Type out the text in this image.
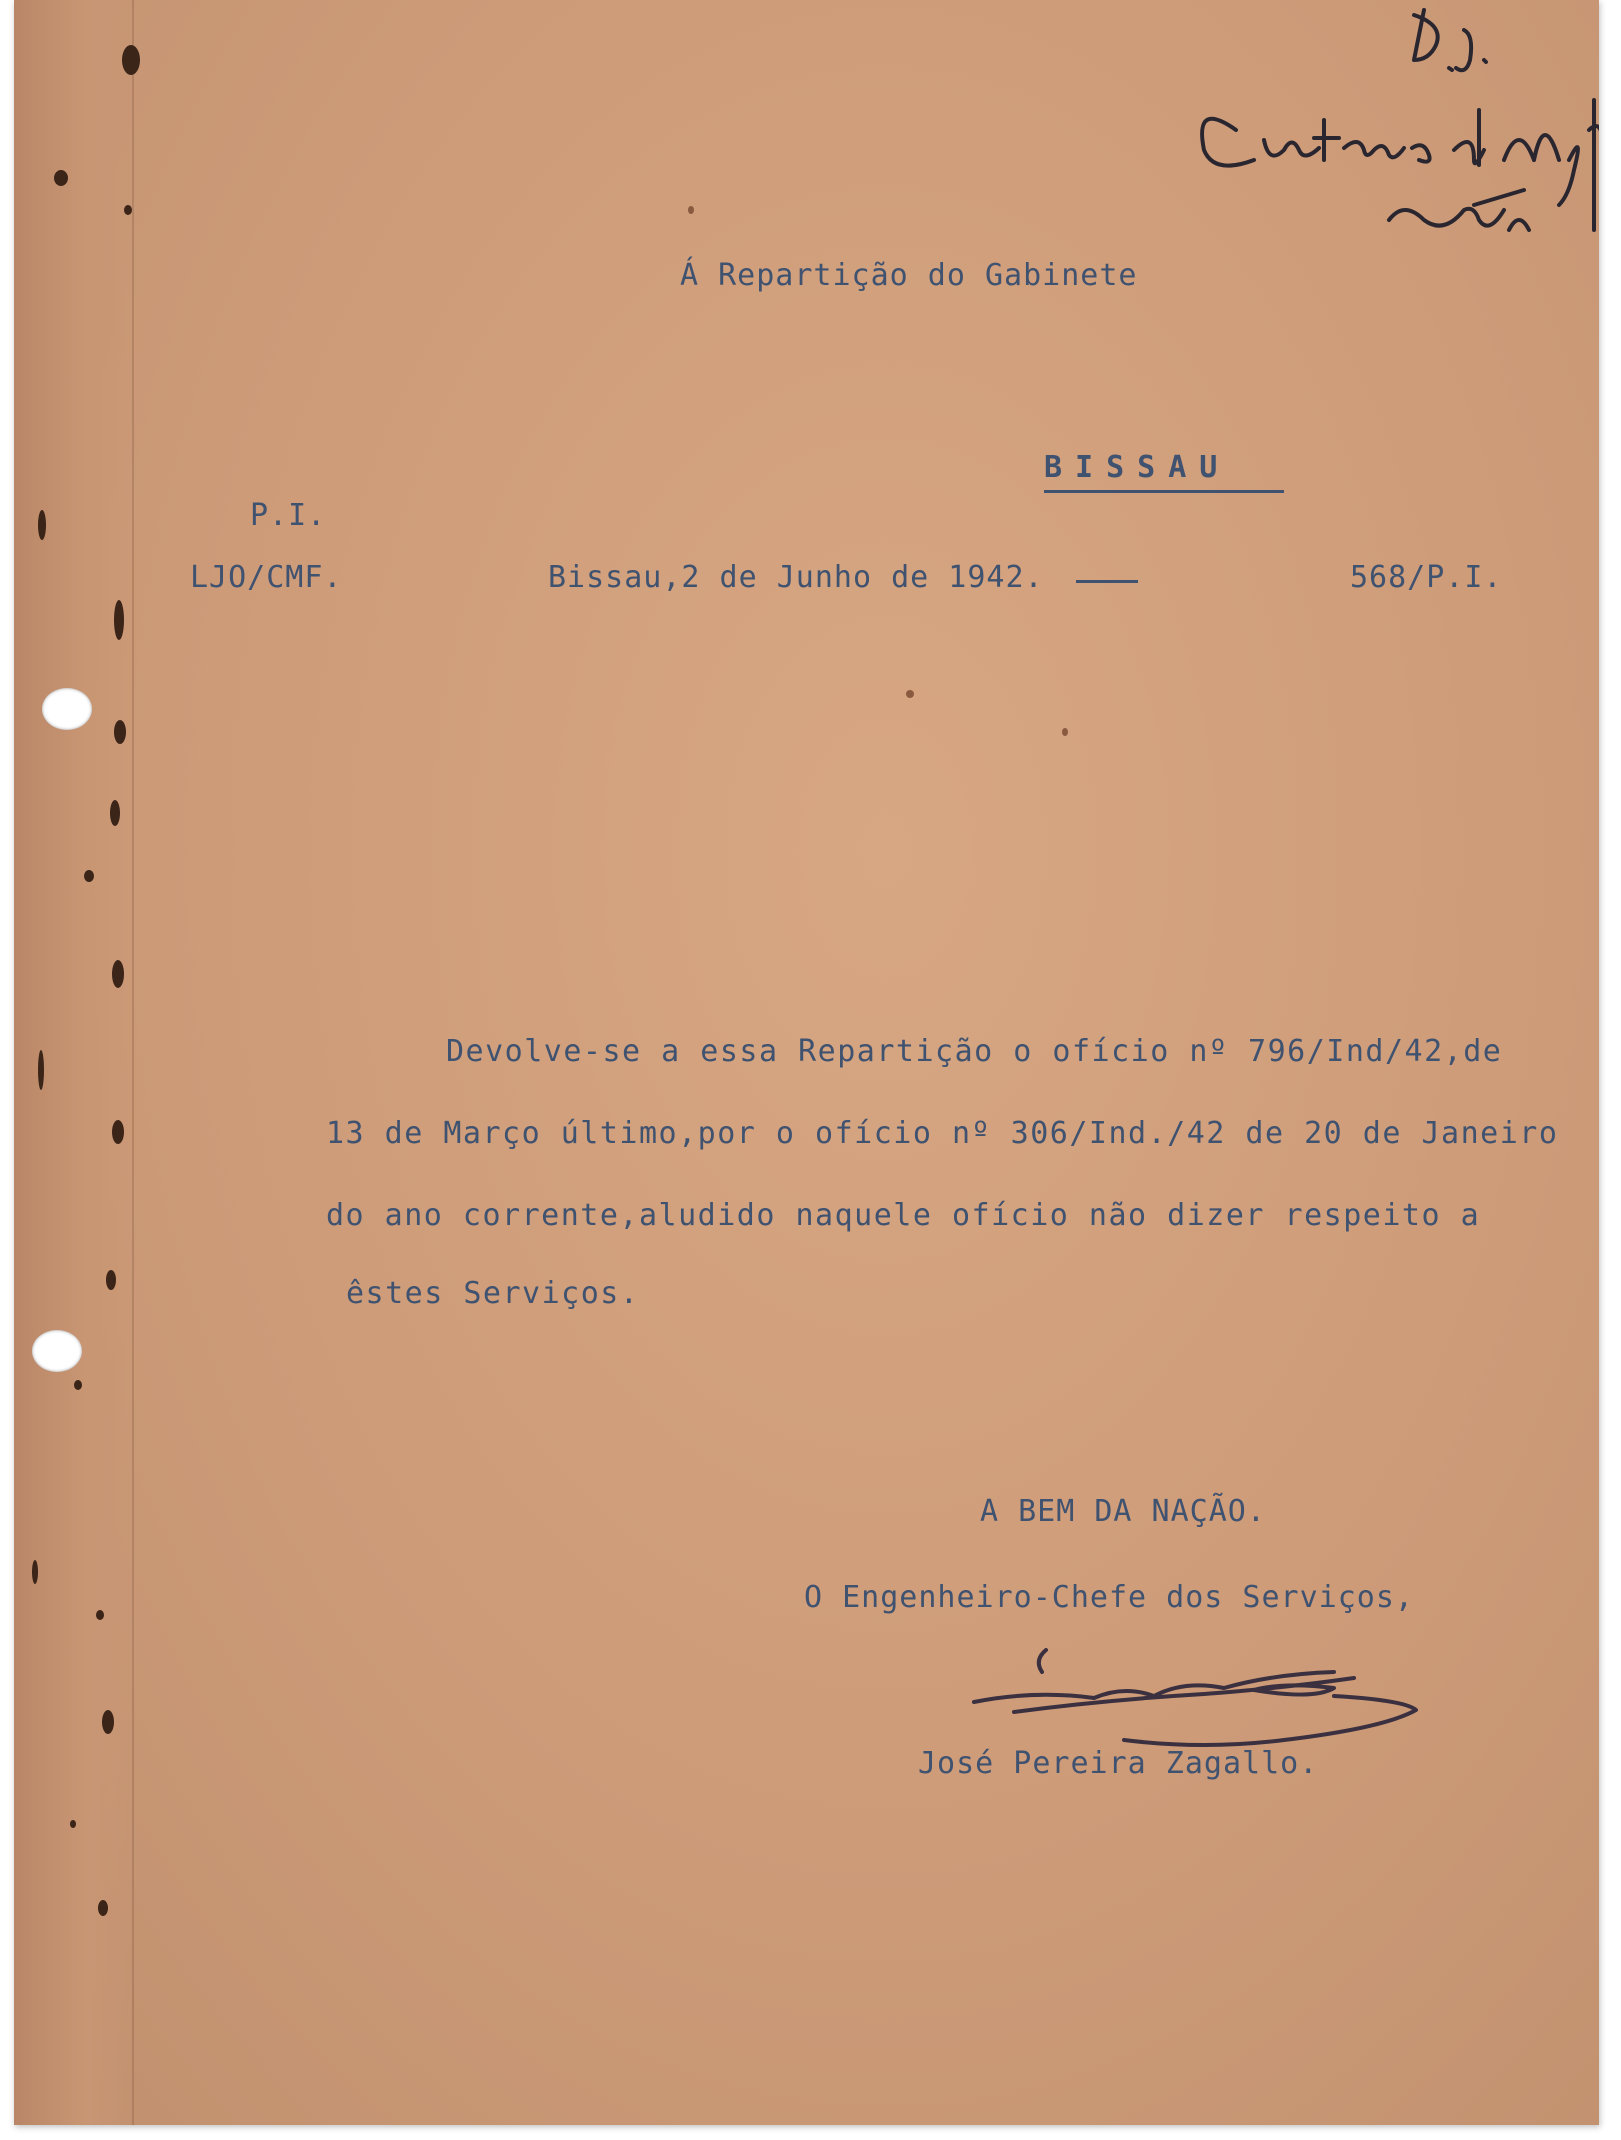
Á Repartição do Gabinete
BISSAU
P.I.
LJO/CMF.	Bissau,2 de Junho de 1942.	568/P.I.
Devolve-se a essa Repartição o ofício nº 796/Ind/42,de
13 de Março último,por o ofício nº 306/Ind./42 de 20 de Janeiro
do ano corrente,aludido naquele ofício não dizer respeito a
êstes Serviços.
A BEM DA NAÇÃO.
O Engenheiro-Chefe dos Serviços,
José Pereira Zagallo.
